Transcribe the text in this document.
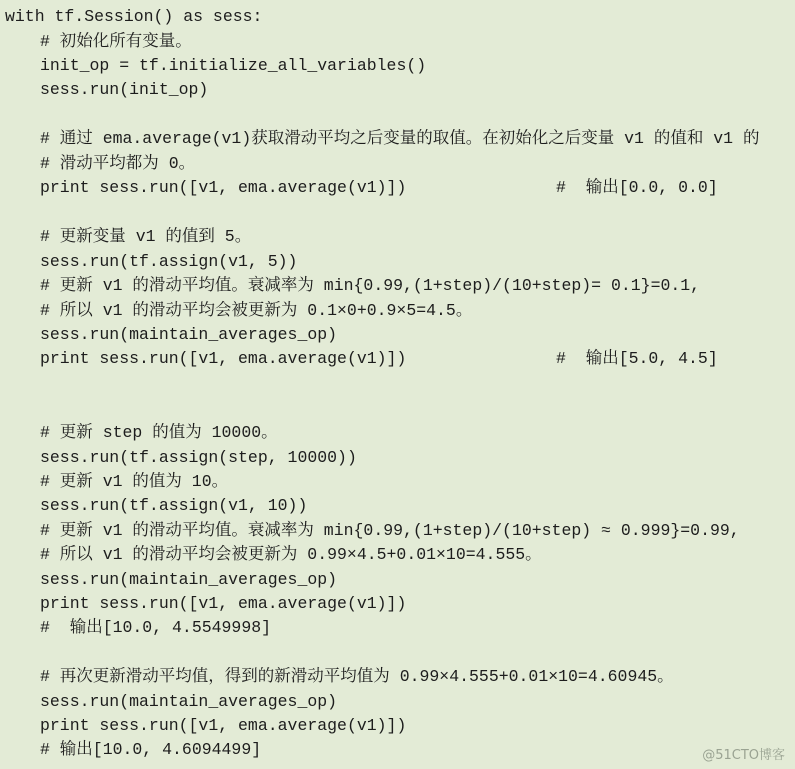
with tf.Session() as sess:
# 初始化所有变量。
init_op = tf.initialize_all_variables()
sess.run(init_op)
# 通过 ema.average(v1)获取滑动平均之后变量的取值。在初始化之后变量 v1 的值和 v1 的
# 滑动平均都为 0。
print sess.run([v1, ema.average(v1)])	#  输出[0.0, 0.0]
# 更新变量 v1 的值到 5。
sess.run(tf.assign(v1, 5))
# 更新 v1 的滑动平均值。衰减率为 min{0.99,(1+step)/(10+step)= 0.1}=0.1,
# 所以 v1 的滑动平均会被更新为 0.1×0+0.9×5=4.5。
sess.run(maintain_averages_op)
print sess.run([v1, ema.average(v1)])	#  输出[5.0, 4.5]
# 更新 step 的值为 10000。
sess.run(tf.assign(step, 10000))
# 更新 v1 的值为 10。
sess.run(tf.assign(v1, 10))
# 更新 v1 的滑动平均值。衰减率为 min{0.99,(1+step)/(10+step) ≈ 0.999}=0.99,
# 所以 v1 的滑动平均会被更新为 0.99×4.5+0.01×10=4.555。
sess.run(maintain_averages_op)
print sess.run([v1, ema.average(v1)])
#  输出[10.0, 4.5549998]
# 再次更新滑动平均值，得到的新滑动平均值为 0.99×4.555+0.01×10=4.60945。
sess.run(maintain_averages_op)
print sess.run([v1, ema.average(v1)])
# 输出[10.0, 4.6094499]	@51CTO博客
